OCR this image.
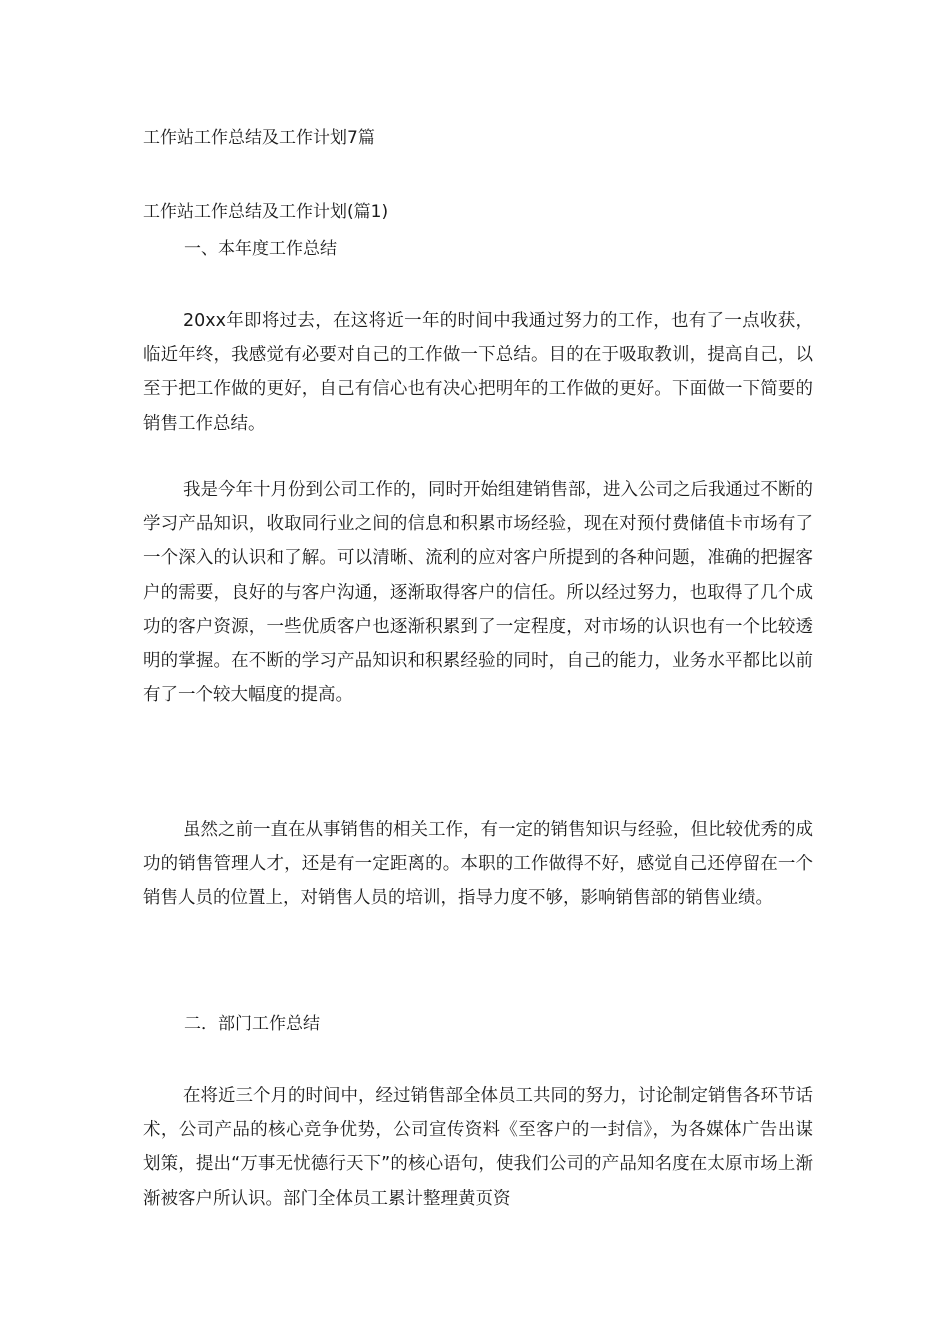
工作站工作总结及工作计划7篇
工作站工作总结及工作计划(篇1)
一、本年度工作总结

20xx年即将过去，在这将近一年的时间中我通过努力的工作，也有了一点收获，临近年终，我感觉有必要对自己的工作做一下总结。目的在于吸取教训，提高自己，以至于把工作做的更好，自己有信心也有决心把明年的工作做的更好。下面做一下简要的销售工作总结。

我是今年十月份到公司工作的，同时开始组建销售部，进入公司之后我通过不断的学习产品知识，收取同行业之间的信息和积累市场经验，现在对预付费储值卡市场有了一个深入的认识和了解。可以清晰、流利的应对客户所提到的各种问题，准确的把握客户的需要，良好的与客户沟通，逐渐取得客户的信任。所以经过努力，也取得了几个成功的客户资源，一些优质客户也逐渐积累到了一定程度，对市场的认识也有一个比较透明的掌握。在不断的学习产品知识和积累经验的同时，自己的能力，业务水平都比以前有了一个较大幅度的提高。

虽然之前一直在从事销售的相关工作，有一定的销售知识与经验，但比较优秀的成功的销售管理人才，还是有一定距离的。本职的工作做得不好，感觉自己还停留在一个销售人员的位置上，对销售人员的培训，指导力度不够，影响销售部的销售业绩。

二．部门工作总结

在将近三个月的时间中，经过销售部全体员工共同的努力，讨论制定销售各环节话术，公司产品的核心竞争优势，公司宣传资料《至客户的一封信》，为各媒体广告出谋划策，提出“万事无忧德行天下”的核心语句，使我们公司的产品知名度在太原市场上渐渐被客户所认识。部门全体员工累计整理黄页资
